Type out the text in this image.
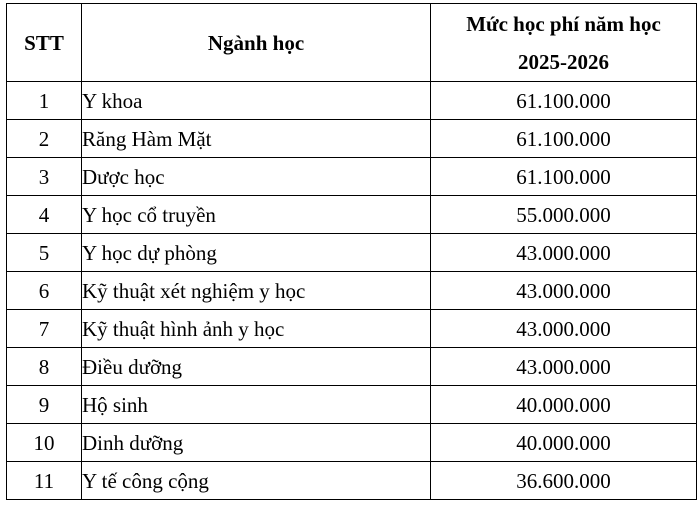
STT	Ngành học	Mức học phí năm học
2025-2026

1	Y khoa	61.100.000
2	Răng Hàm Mặt	61.100.000
3	Dược học	61.100.000
4	Y học cổ truyền	55.000.000
5	Y học dự phòng	43.000.000
6	Kỹ thuật xét nghiệm y học	43.000.000
7	Kỹ thuật hình ảnh y học	43.000.000
8	Điều dưỡng	43.000.000
9	Hộ sinh	40.000.000
10	Dinh dưỡng	40.000.000
11	Y tế công cộng	36.600.000
